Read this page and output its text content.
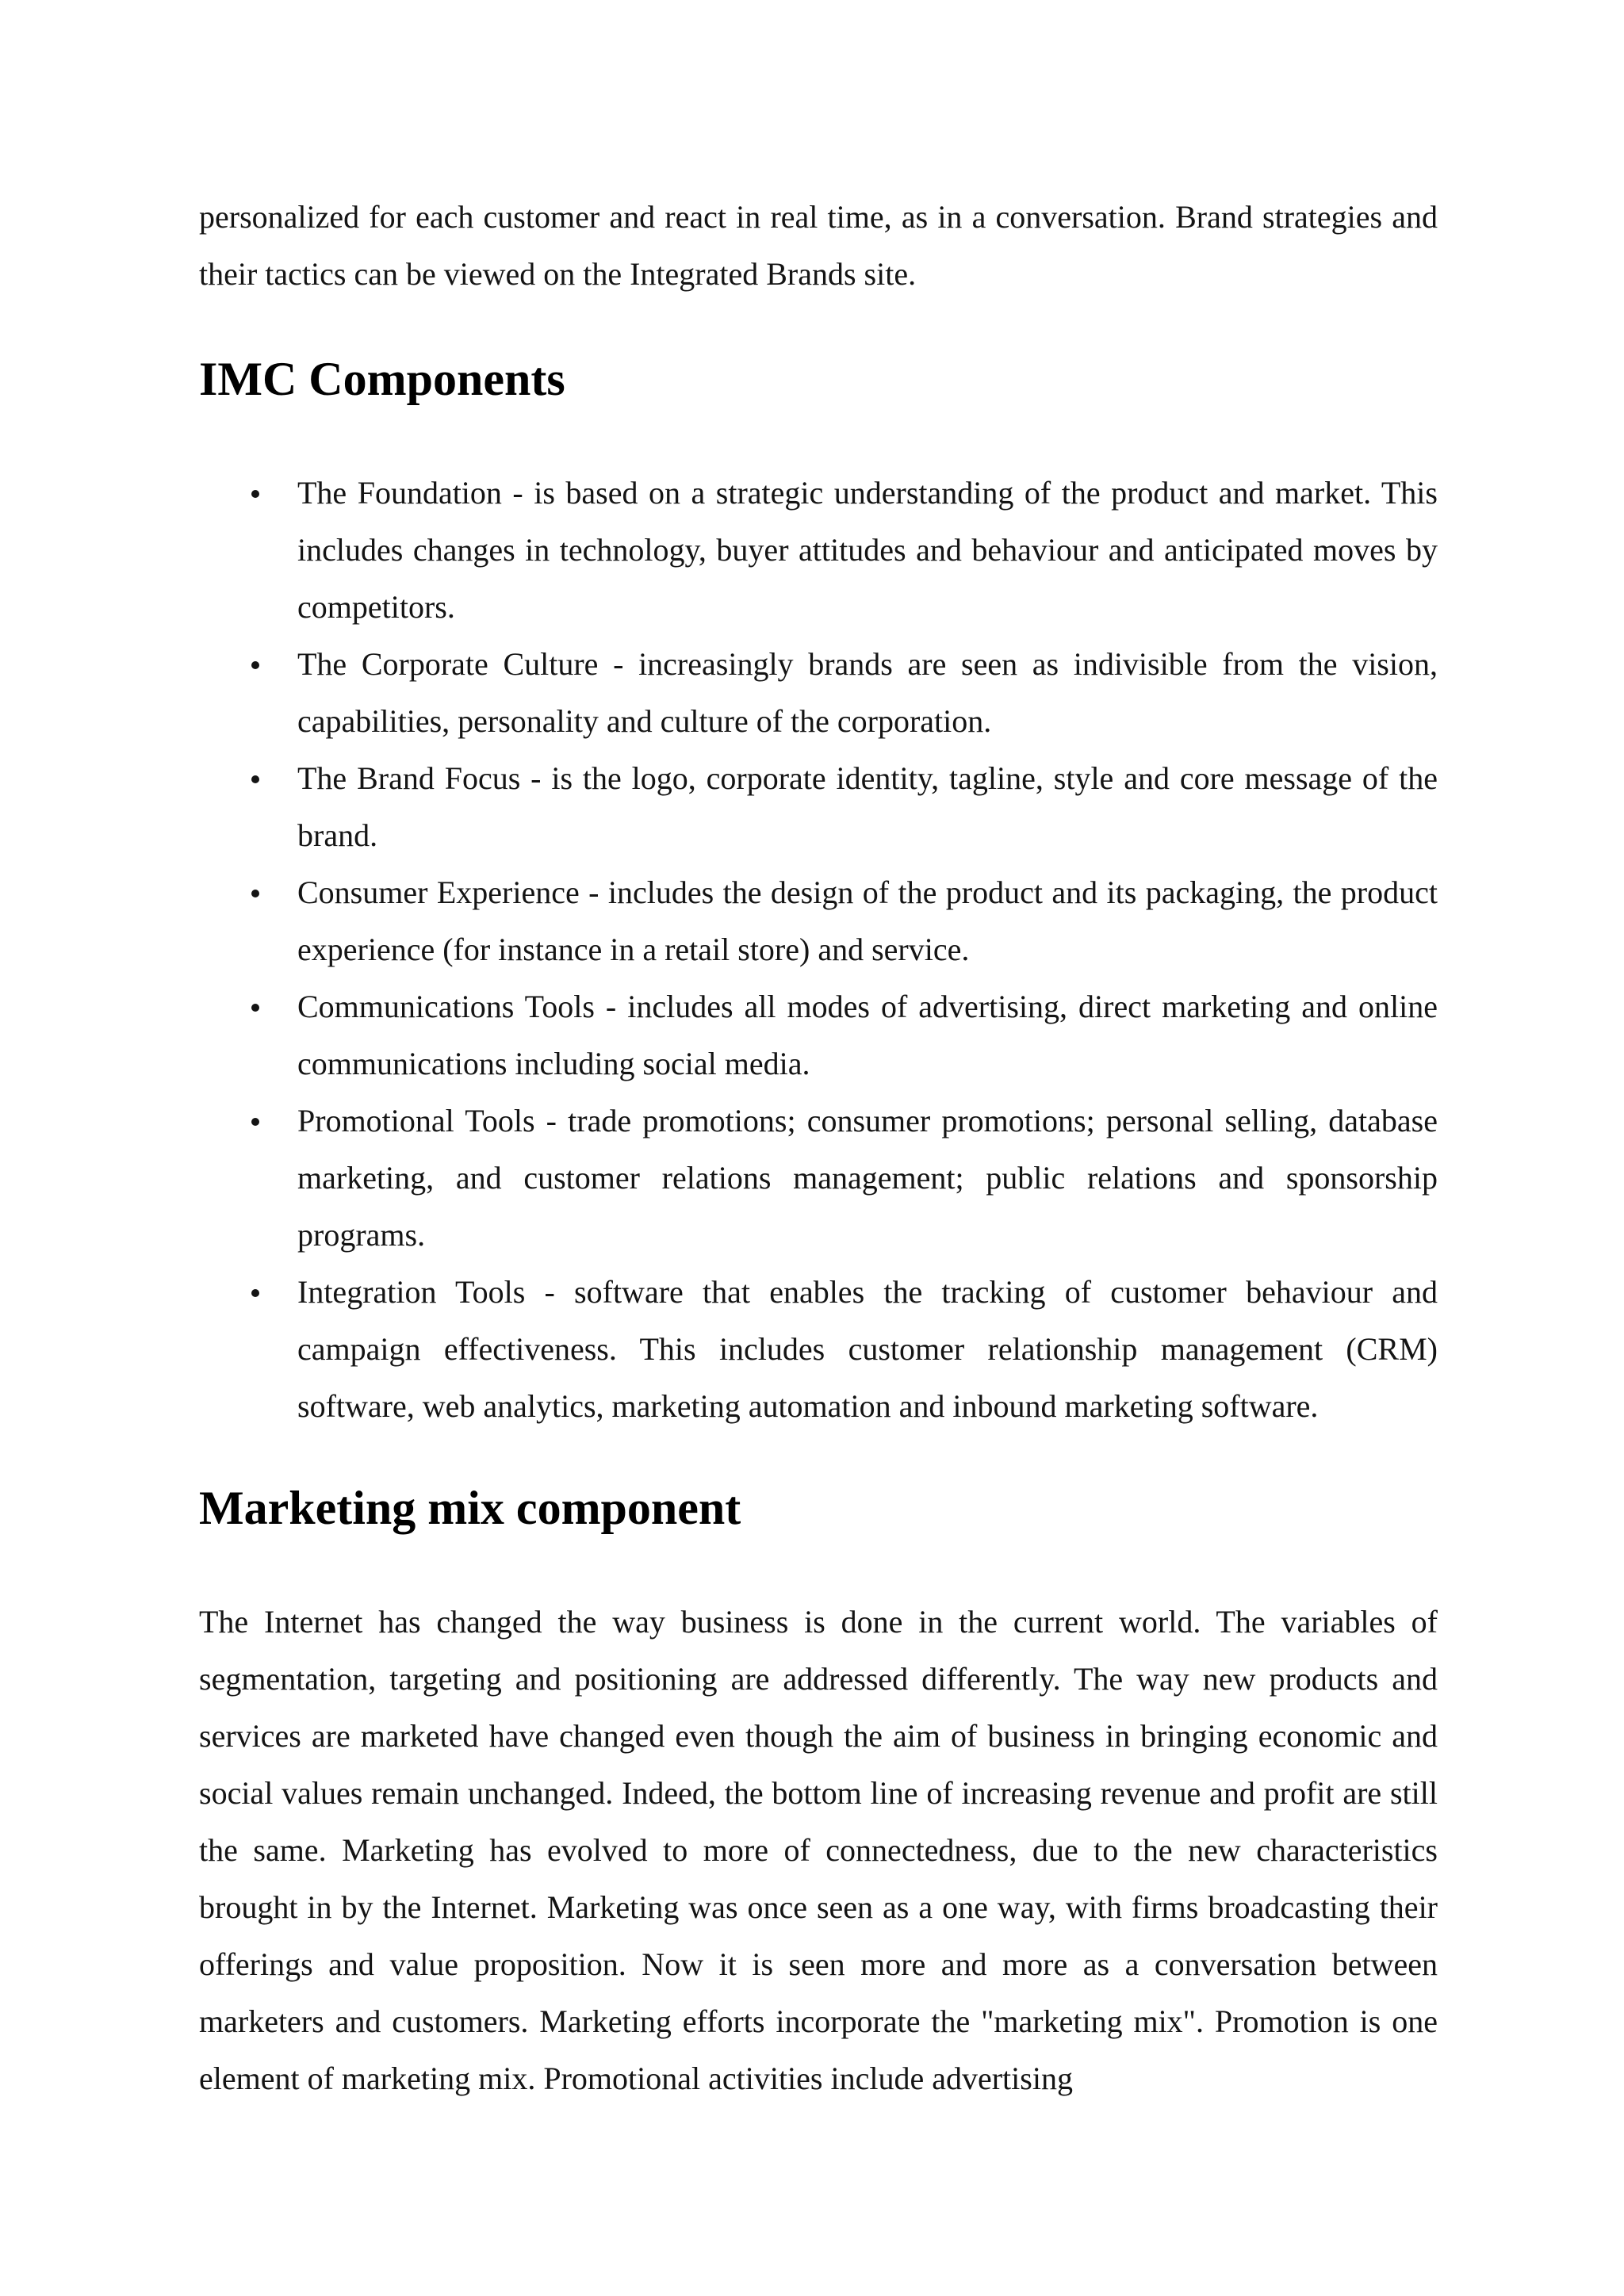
personalized for each customer and react in real time, as in a conversation. Brand strategies and their tactics can be viewed on the Integrated Brands site.

IMC Components
The Foundation - is based on a strategic understanding of the product and market. This includes changes in technology, buyer attitudes and behaviour and anticipated moves by competitors.
The Corporate Culture - increasingly brands are seen as indivisible from the vision, capabilities, personality and culture of the corporation.
The Brand Focus - is the logo, corporate identity, tagline, style and core message of the brand.
Consumer Experience - includes the design of the product and its packaging, the product experience (for instance in a retail store) and service.
Communications Tools - includes all modes of advertising, direct marketing and online communications including social media.
Promotional Tools - trade promotions; consumer promotions; personal selling, database marketing, and customer relations management; public relations and sponsorship programs.
Integration Tools - software that enables the tracking of customer behaviour and campaign effectiveness. This includes customer relationship management (CRM) software, web analytics, marketing automation and inbound marketing software.
Marketing mix component

The Internet has changed the way business is done in the current world. The variables of segmentation, targeting and positioning are addressed differently. The way new products and services are marketed have changed even though the aim of business in bringing economic and social values remain unchanged. Indeed, the bottom line of increasing revenue and profit are still the same. Marketing has evolved to more of connectedness, due to the new characteristics brought in by the Internet. Marketing was once seen as a one way, with firms broadcasting their offerings and value proposition. Now it is seen more and more as a conversation between marketers and customers. Marketing efforts incorporate the "marketing mix". Promotion is one element of marketing mix. Promotional activities include advertising
